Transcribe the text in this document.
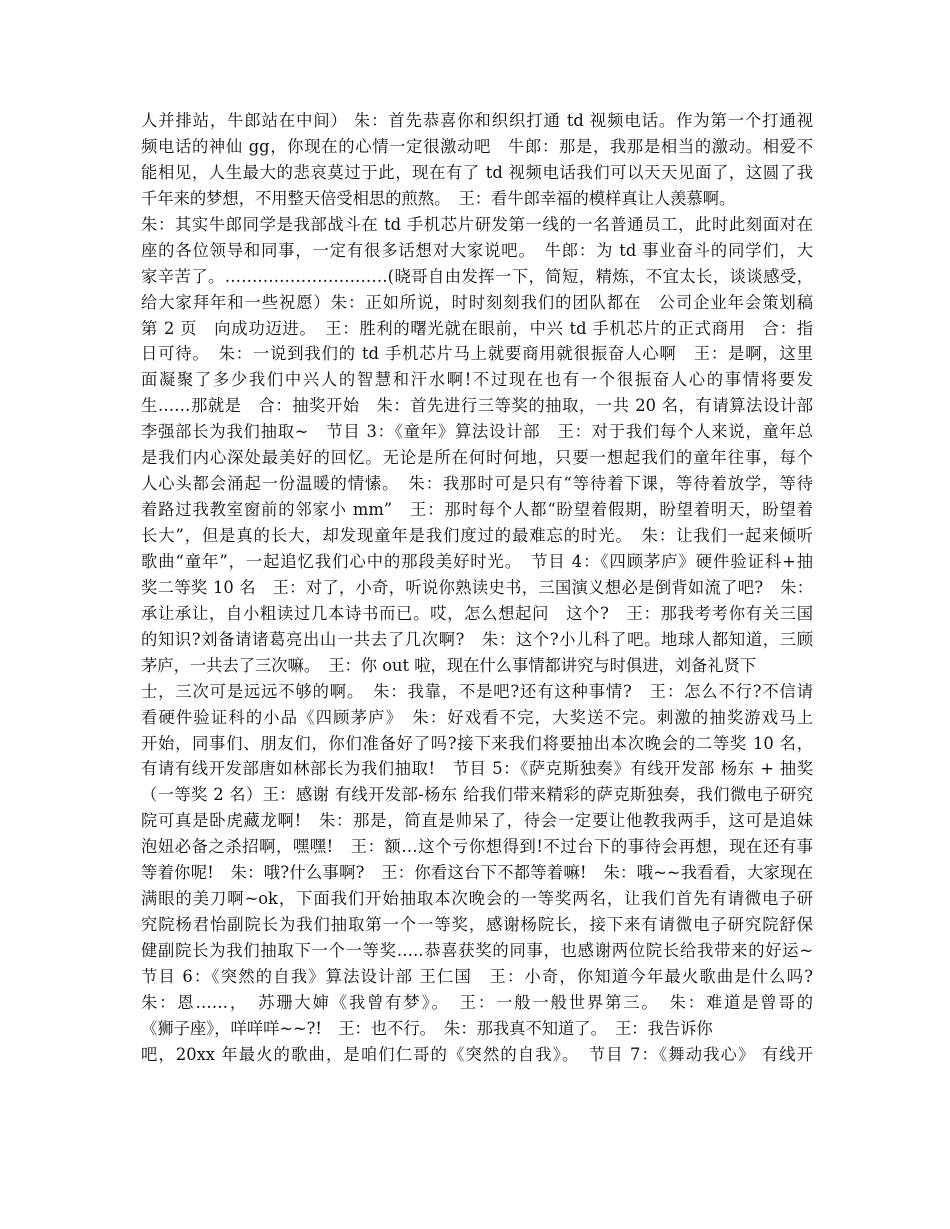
人并排站，牛郎站在中间） 朱：首先恭喜你和织织打通 td 视频电话。作为第一个打通视
频电话的神仙 gg，你现在的心情一定很激动吧　牛郎：那是，我那是相当的激动。相爱不
能相见，人生最大的悲哀莫过于此，现在有了 td 视频电话我们可以天天见面了，这圆了我
千年来的梦想，不用整天倍受相思的煎熬。　王：看牛郎幸福的模样真让人羡慕啊。
朱：其实牛郎同学是我部战斗在 td 手机芯片研发第一线的一名普通员工，此时此刻面对在
座的各位领导和同事，一定有很多话想对大家说吧。　牛郎：为 td 事业奋斗的同学们，大
家辛苦了。…………………………(晓哥自由发挥一下，简短，精炼，不宜太长，谈谈感受，
给大家拜年和一些祝愿）朱：正如所说，时时刻刻我们的团队都在　公司企业年会策划稿
第 2 页　向成功迈进。　王：胜利的曙光就在眼前，中兴 td 手机芯片的正式商用　合：指
日可待。　朱：一说到我们的 td 手机芯片马上就要商用就很振奋人心啊　王：是啊，这里
面凝聚了多少我们中兴人的智慧和汗水啊!不过现在也有一个很振奋人心的事情将要发
生……那就是　合：抽奖开始　朱：首先进行三等奖的抽取，一共 20 名，有请算法设计部
李强部长为我们抽取~　节目 3：《童年》算法设计部　王：对于我们每个人来说，童年总
是我们内心深处最美好的回忆。无论是所在何时何地，只要一想起我们的童年往事，每个
人心头都会涌起一份温暖的情愫。　朱：我那时可是只有“等待着下课，等待着放学，等待
着路过我教室窗前的邻家小 mm”　王：那时每个人都“盼望着假期，盼望着明天，盼望着
长大”，但是真的长大，却发现童年是我们度过的最难忘的时光。　朱：让我们一起来倾听
歌曲“童年”，一起追忆我们心中的那段美好时光。　节目 4：《四顾茅庐》硬件验证科+抽
奖二等奖 10 名　王：对了，小奇，听说你熟读史书，三国演义想必是倒背如流了吧?　朱：
承让承让，自小粗读过几本诗书而已。哎，怎么想起问　这个?　王：那我考考你有关三国
的知识?刘备请诸葛亮出山一共去了几次啊?　朱：这个?小儿科了吧。地球人都知道，三顾
茅庐，一共去了三次嘛。　王：你 out 啦，现在什么事情都讲究与时俱进，刘备礼贤下
士，三次可是远远不够的啊。　朱：我靠，不是吧?还有这种事情?　王：怎么不行?不信请
看硬件验证科的小品《四顾茅庐》　朱：好戏看不完，大奖送不完。刺激的抽奖游戏马上
开始，同事们、朋友们，你们准备好了吗?接下来我们将要抽出本次晚会的二等奖 10 名，
有请有线开发部唐如林部长为我们抽取!　节目 5：《萨克斯独奏》有线开发部 杨东 + 抽奖
（一等奖 2 名）王：感谢 有线开发部-杨东 给我们带来精彩的萨克斯独奏，我们微电子研究
院可真是卧虎藏龙啊!　朱：那是，简直是帅呆了，待会一定要让他教我两手，这可是追妹
泡妞必备之杀招啊，嘿嘿!　王：额…这个亏你想得到!不过台下的事待会再想，现在还有事
等着你呢!　朱：哦?什么事啊?　王：你看这台下不都等着嘛!　朱：哦~~我看看，大家现在
满眼的美刀啊~ok，下面我们开始抽取本次晚会的一等奖两名，让我们首先有请微电子研
究院杨君怡副院长为我们抽取第一个一等奖，感谢杨院长，接下来有请微电子研究院舒保
健副院长为我们抽取下一个一等奖…..恭喜获奖的同事，也感谢两位院长给我带来的好运~
节目 6：《突然的自我》算法设计部 王仁国　王：小奇，你知道今年最火歌曲是什么吗?
朱：恩……，　苏珊大婶《我曾有梦》。　王：一般一般世界第三。　朱：难道是曾哥的
《狮子座》，咩咩咩~~?!　王：也不行。　朱：那我真不知道了。　王：我告诉你
吧，20xx 年最火的歌曲，是咱们仁哥的《突然的自我》。　节目 7：《舞动我心》 有线开
